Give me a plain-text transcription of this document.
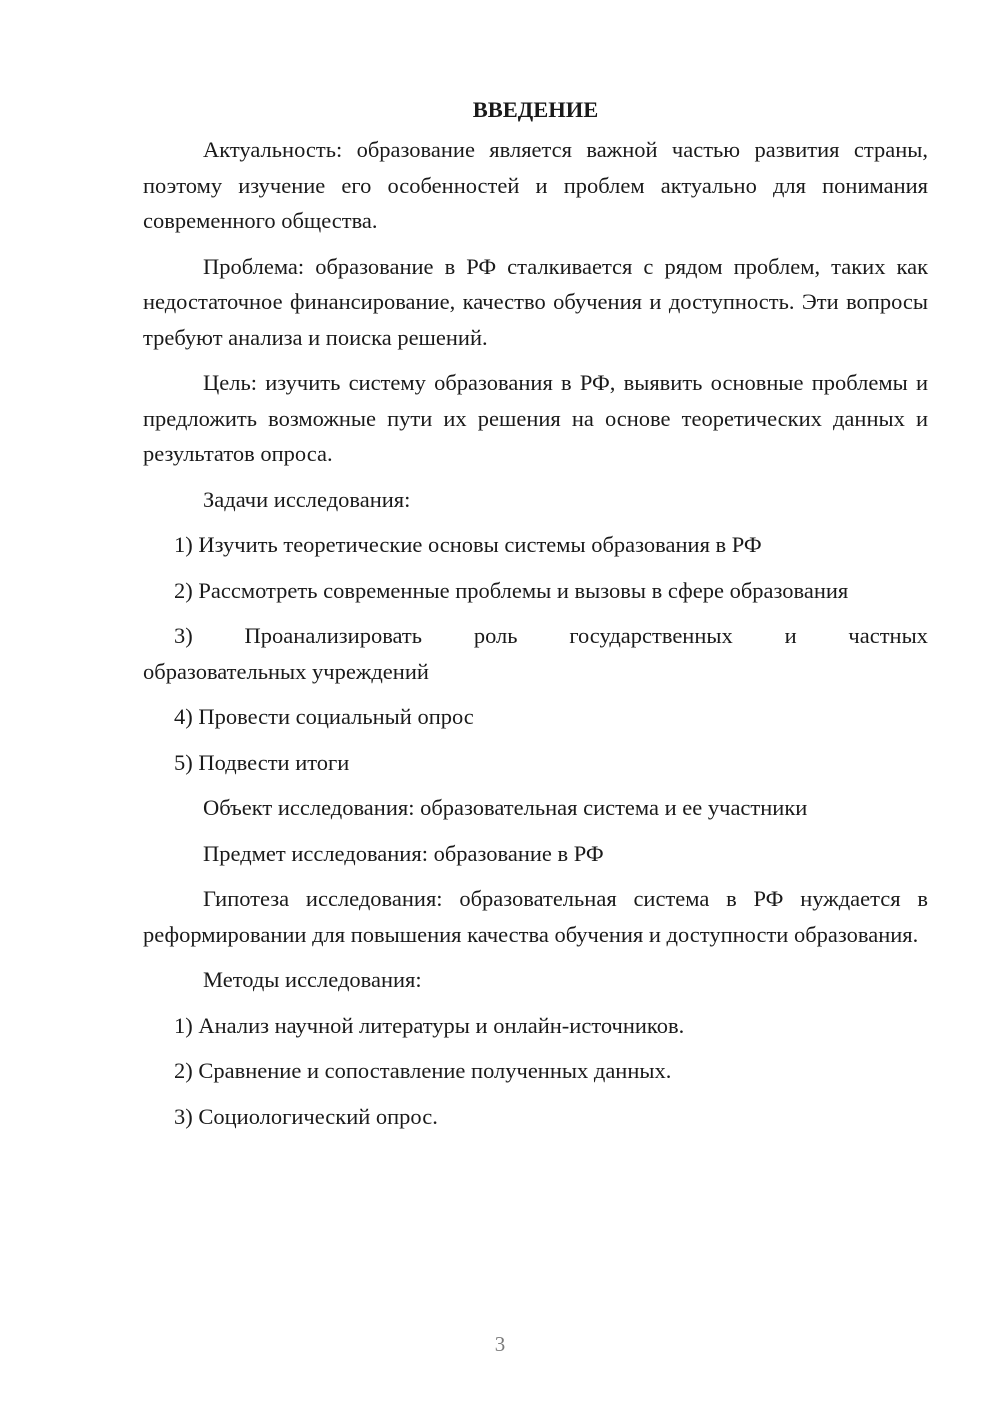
ВВЕДЕНИЕ

Актуальность: образование является важной частью развития страны, поэтому изучение его особенностей и проблем актуально для понимания современного общества.

Проблема: образование в РФ сталкивается с рядом проблем, таких как недостаточное финансирование, качество обучения и доступность. Эти вопросы требуют анализа и поиска решений.

Цель: изучить систему образования в РФ, выявить основные проблемы и предложить возможные пути их решения на основе теоретических данных и результатов опроса.

Задачи исследования:

1) Изучить теоретические основы системы образования в РФ

2) Рассмотреть современные проблемы и вызовы в сфере образования

3) Проанализировать роль государственных и частных
образовательных учреждений

4) Провести социальный опрос

5) Подвести итоги

Объект исследования: образовательная система и ее участники

Предмет исследования: образование в РФ

Гипотеза исследования: образовательная система в РФ нуждается в реформировании для повышения качества обучения и доступности образования.

Методы исследования:

1) Анализ научной литературы и онлайн-источников.

2) Сравнение и сопоставление полученных данных.

3) Социологический опрос.

3
